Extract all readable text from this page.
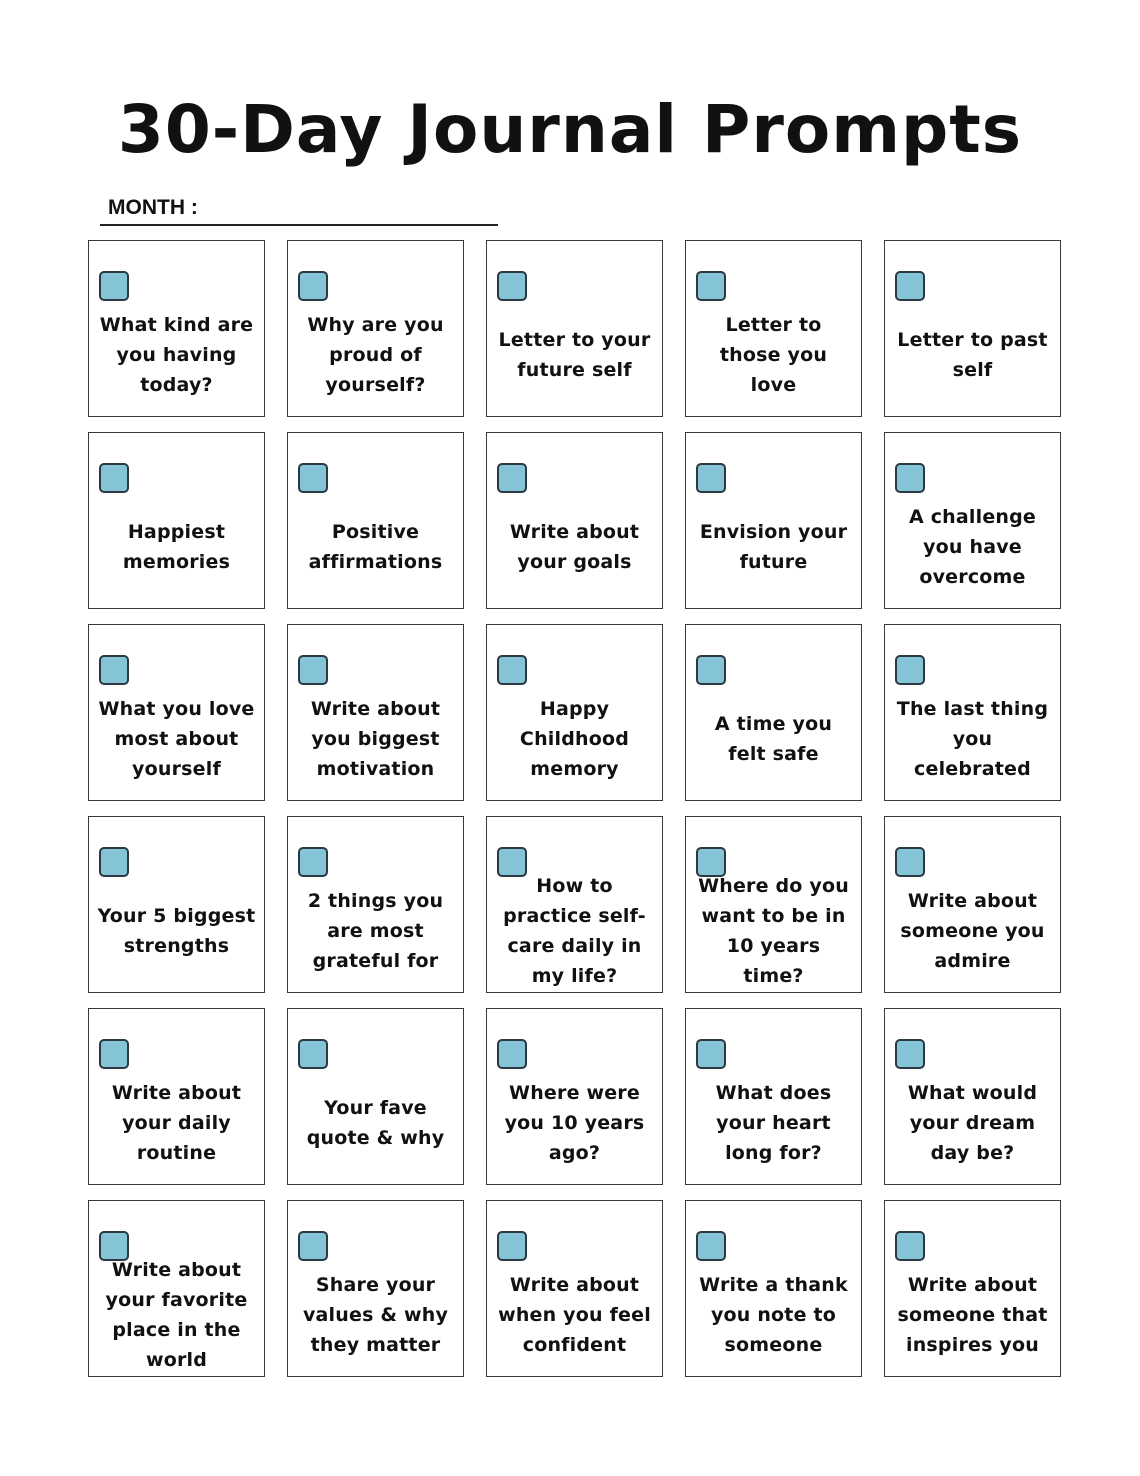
30-Day Journal Prompts
MONTH :
What kind are you having today?
Why are you proud of yourself?
Letter to your future self
Letter to those you love
Letter to past self
Happiest memories
Positive affirmations
Write about your goals
Envision your future
A challenge you have overcome
What you love most about yourself
Write about you biggest motivation
Happy Childhood memory
A time you felt safe
The last thing you celebrated
Your 5 biggest strengths
2 things you are most grateful for
How to practice self-care daily in my life?
Where do you want to be in 10 years time?
Write about someone you admire
Write about your daily routine
Your fave quote & why
Where were you 10 years ago?
What does your heart long for?
What would your dream day be?
Write about your favorite place in the world
Share your values & why they matter
Write about when you feel confident
Write a thank you note to someone
Write about someone that inspires you
